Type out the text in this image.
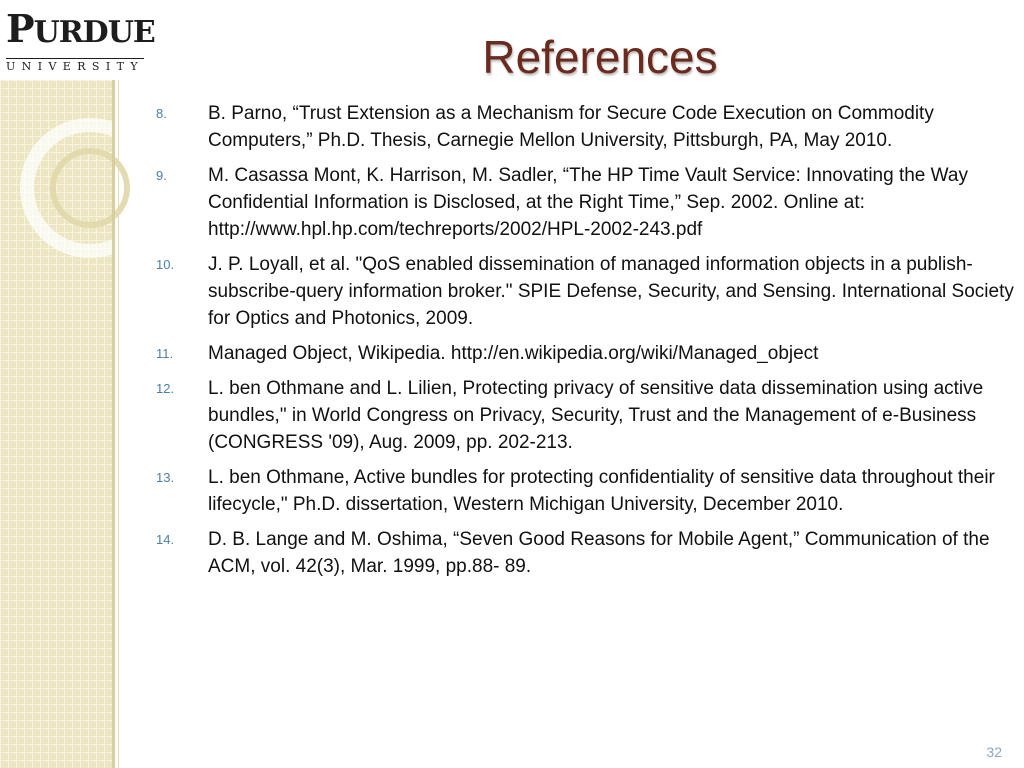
PURDUE
UNIVERSITY	References
8. B. Parno, “Trust Extension as a Mechanism for Secure Code Execution on Commodity Computers,” Ph.D. Thesis, Carnegie Mellon University, Pittsburgh, PA, May 2010.
9. M. Casassa Mont, K. Harrison, M. Sadler, “The HP Time Vault Service: Innovating the Way Confidential Information is Disclosed, at the Right Time,” Sep. 2002. Online at: http://www.hpl.hp.com/techreports/2002/HPL-2002-243.pdf
10. J. P. Loyall, et al. "QoS enabled dissemination of managed information objects in a publish-subscribe-query information broker." SPIE Defense, Security, and Sensing. International Society for Optics and Photonics, 2009.
11. Managed Object, Wikipedia. http://en.wikipedia.org/wiki/Managed_object
12. L. ben Othmane and L. Lilien, Protecting privacy of sensitive data dissemination using active bundles," in World Congress on Privacy, Security, Trust and the Management of e-Business (CONGRESS '09), Aug. 2009, pp. 202-213.
13. L. ben Othmane, Active bundles for protecting confidentiality of sensitive data throughout their lifecycle," Ph.D. dissertation, Western Michigan University, December 2010.
14. D. B. Lange and M. Oshima, “Seven Good Reasons for Mobile Agent,” Communication of the ACM, vol. 42(3), Mar. 1999, pp.88- 89.
32
